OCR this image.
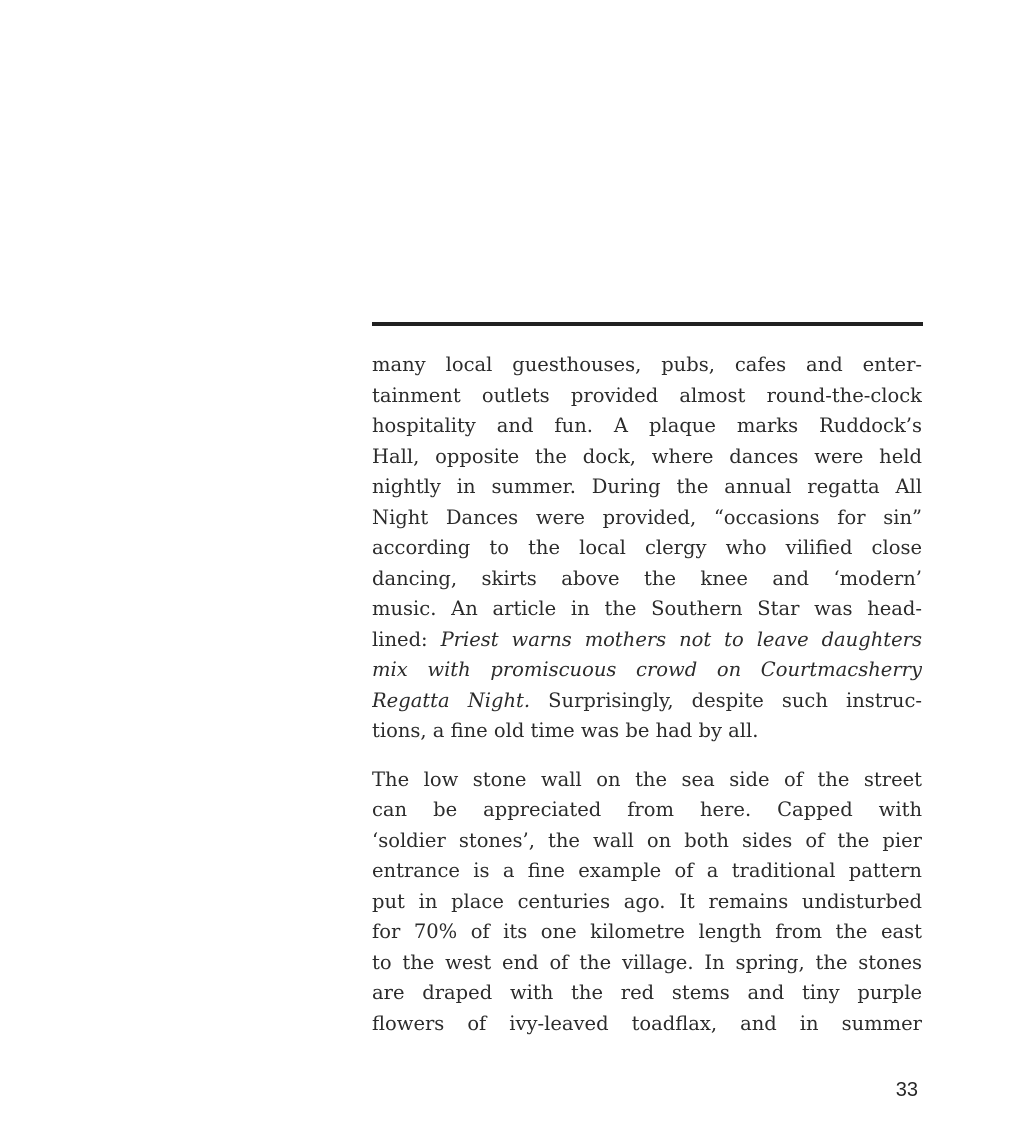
many local guesthouses, pubs, cafes and enter-
tainment outlets provided almost round-the-clock
hospitality and fun. A plaque marks Ruddock’s
Hall, opposite the dock, where dances were held
nightly in summer. During the annual regatta All
Night Dances were provided, “occasions for sin”
according to the local clergy who vilified close
dancing, skirts above the knee and ‘modern’
music. An article in the Southern Star was head-
lined: Priest warns mothers not to leave daughters
mix with promiscuous crowd on Courtmacsherry
Regatta Night. Surprisingly, despite such instruc-
tions, a fine old time was be had by all.
The low stone wall on the sea side of the street
can be appreciated from here. Capped with
‘soldier stones’, the wall on both sides of the pier
entrance is a fine example of a traditional pattern
put in place centuries ago. It remains undisturbed
for 70% of its one kilometre length from the east
to the west end of the village. In spring, the stones
are draped with the red stems and tiny purple
flowers of ivy-leaved toadflax, and in summer
33
